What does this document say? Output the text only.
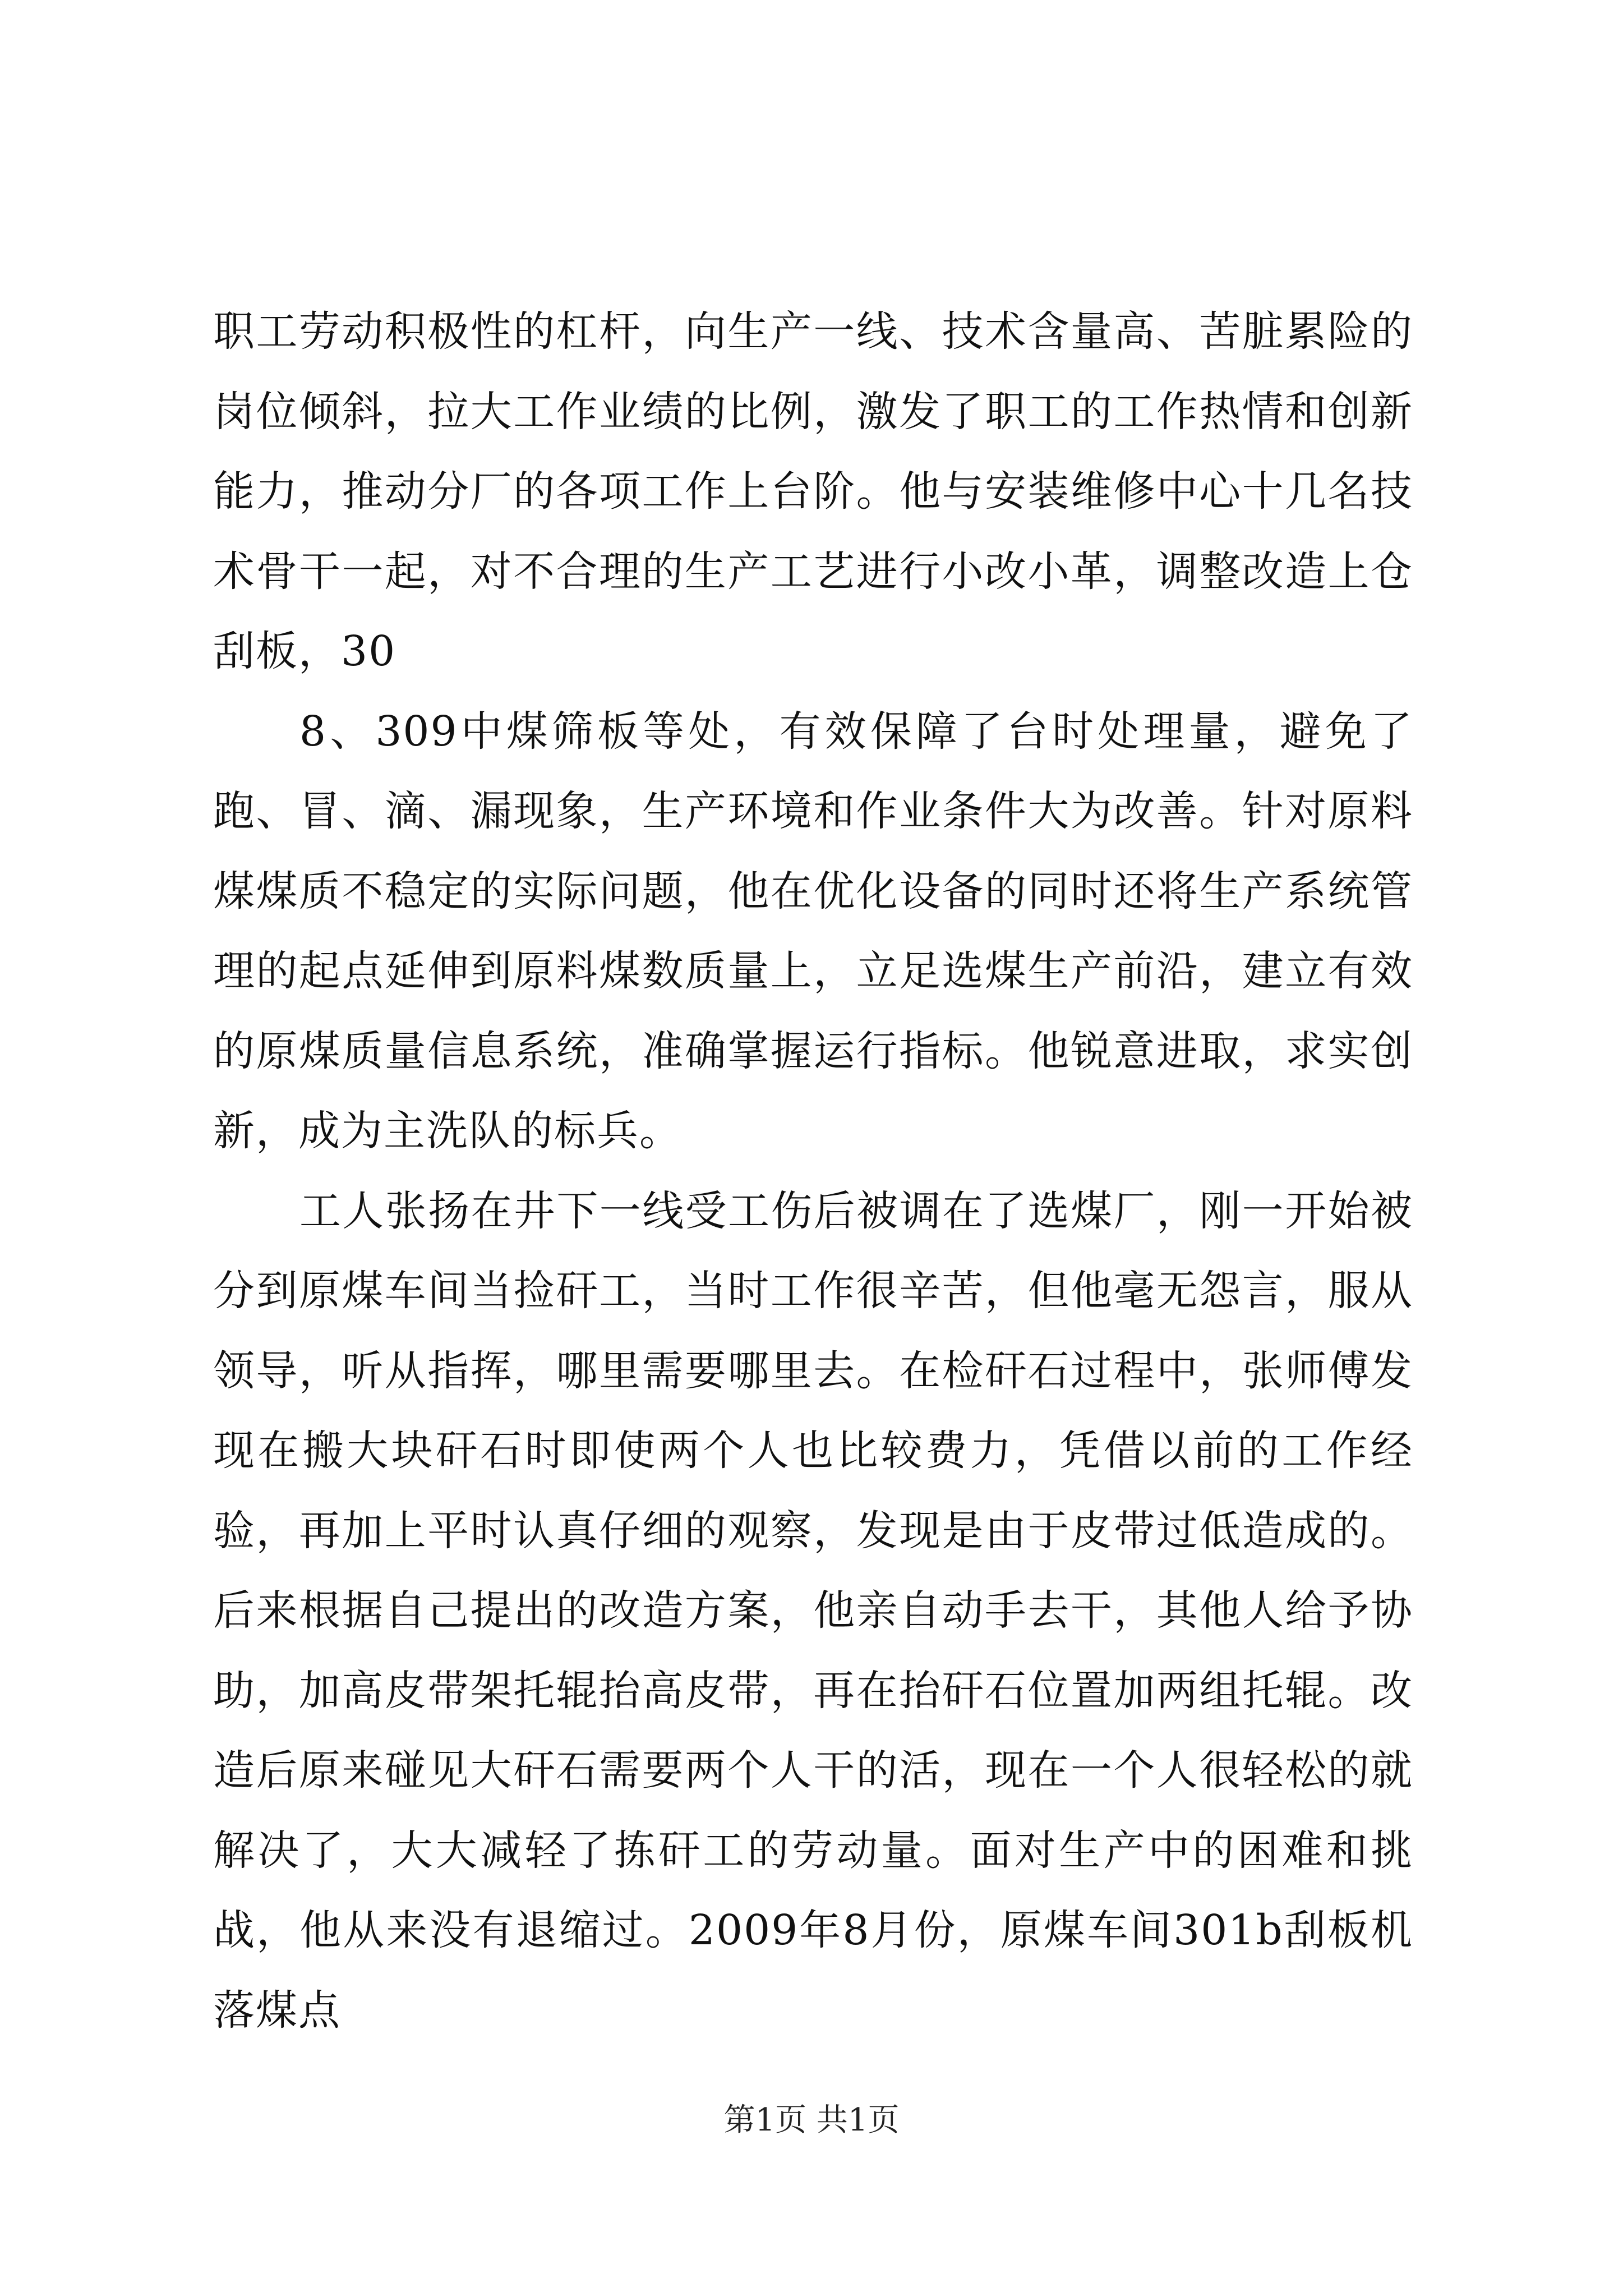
职工劳动积极性的杠杆，向生产一线、技术含量高、苦脏累险的岗位倾斜，拉大工作业绩的比例，激发了职工的工作热情和创新能力，推动分厂的各项工作上台阶。他与安装维修中心十几名技术骨干一起，对不合理的生产工艺进行小改小革，调整改造上仓刮板，30

8、309中煤筛板等处，有效保障了台时处理量，避免了跑、冒、滴、漏现象，生产环境和作业条件大为改善。针对原料煤煤质不稳定的实际问题，他在优化设备的同时还将生产系统管理的起点延伸到原料煤数质量上，立足选煤生产前沿，建立有效的原煤质量信息系统，准确掌握运行指标。他锐意进取，求实创新，成为主洗队的标兵。

工人张扬在井下一线受工伤后被调在了选煤厂，刚一开始被分到原煤车间当捡矸工，当时工作很辛苦，但他毫无怨言，服从领导，听从指挥，哪里需要哪里去。在检矸石过程中，张师傅发现在搬大块矸石时即使两个人也比较费力，凭借以前的工作经验，再加上平时认真仔细的观察，发现是由于皮带过低造成的。后来根据自己提出的改造方案，他亲自动手去干，其他人给予协助，加高皮带架托辊抬高皮带，再在抬矸石位置加两组托辊。改造后原来碰见大矸石需要两个人干的活，现在一个人很轻松的就解决了，大大减轻了拣矸工的劳动量。面对生产中的困难和挑战，他从来没有退缩过。2009年8月份，原煤车间301b刮板机落煤点

第1页 共1页
